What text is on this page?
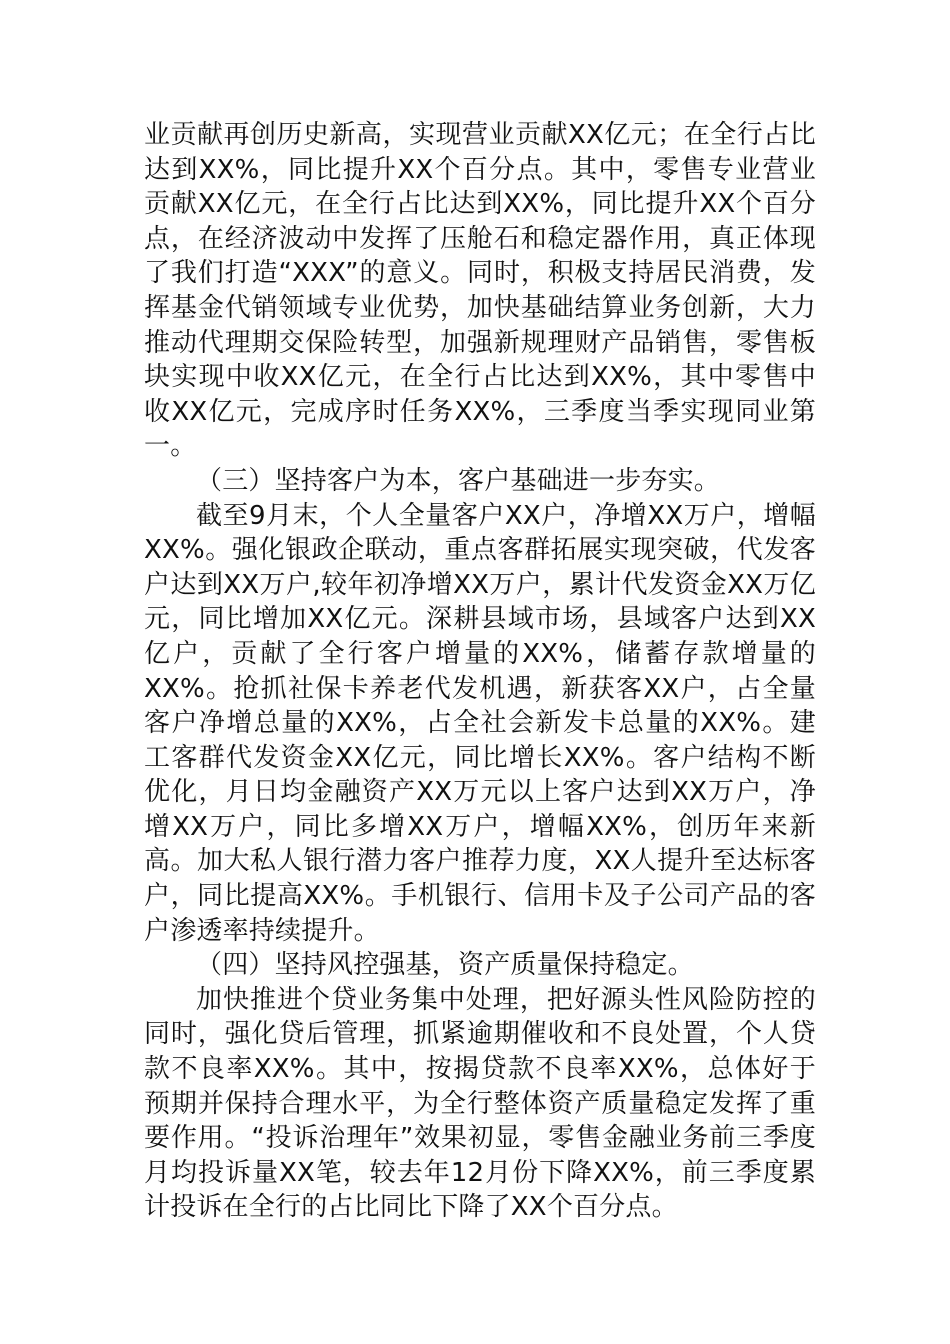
业贡献再创历史新高，实现营业贡献XX亿元；在全行占比达到XX%，同比提升XX个百分点。其中，零售专业营业贡献XX亿元，在全行占比达到XX%，同比提升XX个百分点，在经济波动中发挥了压舱石和稳定器作用，真正体现了我们打造“XXX”的意义。同时，积极支持居民消费，发挥基金代销领域专业优势，加快基础结算业务创新，大力推动代理期交保险转型，加强新规理财产品销售，零售板块实现中收XX亿元，在全行占比达到XX%，其中零售中收XX亿元，完成序时任务XX%，三季度当季实现同业第一。

（三）坚持客户为本，客户基础进一步夯实。

截至9月末，个人全量客户XX户，净增XX万户，增幅XX%。强化银政企联动，重点客群拓展实现突破，代发客户达到XX万户,较年初净增XX万户，累计代发资金XX万亿元，同比增加XX亿元。深耕县域市场，县域客户达到XX亿户，贡献了全行客户增量的XX%，储蓄存款增量的XX%。抢抓社保卡养老代发机遇，新获客XX户，占全量客户净增总量的XX%，占全社会新发卡总量的XX%。建工客群代发资金XX亿元，同比增长XX%。客户结构不断优化，月日均金融资产XX万元以上客户达到XX万户，净增XX万户，同比多增XX万户，增幅XX%，创历年来新高。加大私人银行潜力客户推荐力度，XX人提升至达标客户，同比提高XX%。手机银行、信用卡及子公司产品的客户渗透率持续提升。

（四）坚持风控强基，资产质量保持稳定。

加快推进个贷业务集中处理，把好源头性风险防控的同时，强化贷后管理，抓紧逾期催收和不良处置，个人贷款不良率XX%。其中，按揭贷款不良率XX%，总体好于预期并保持合理水平，为全行整体资产质量稳定发挥了重要作用。“投诉治理年”效果初显，零售金融业务前三季度月均投诉量XX笔，较去年12月份下降XX%，前三季度累计投诉在全行的占比同比下降了XX个百分点。
